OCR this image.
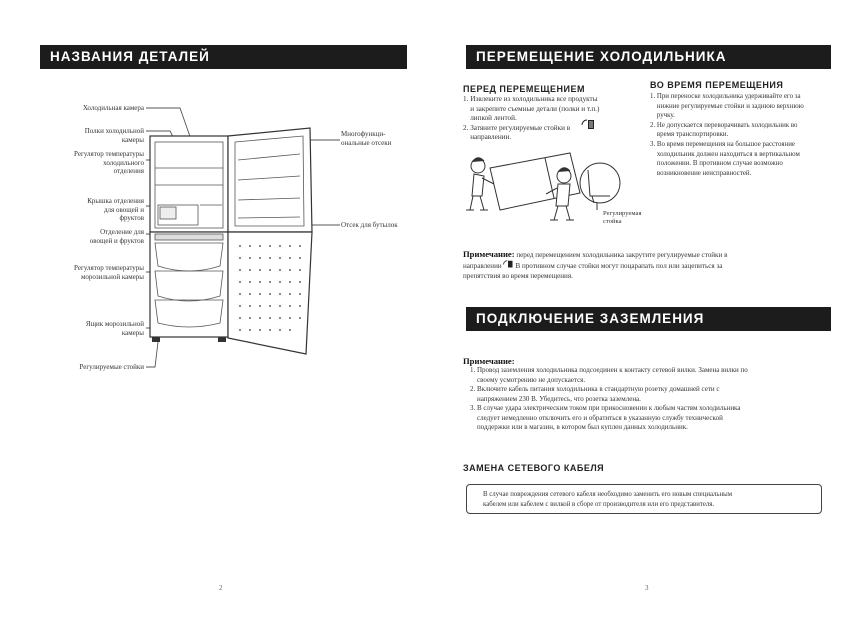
НАЗВАНИЯ ДЕТАЛЕЙ
Холодильная камера
Полки холодильной
камеры
Регулятор температуры
холодильного
отделения
Крышка отделения
для овощей и
фруктов
Отделение для
овощей и фруктов
Регулятор температуры
морозильной камеры
Ящик морозильной
камеры
Регулируемые стойки
Многофункци-
ональные отсеки
Отсек для бутылок
2
ПЕРЕМЕЩЕНИЕ ХОЛОДИЛЬНИКА
ПЕРЕД ПЕРЕМЕЩЕНИЕМ
1. Извлеките из холодильника все продукты
и закрепите съемные детали (полки и т.п.)
липкой лентой.
2. Затяните регулируемые стойки в
направлении.
ВО ВРЕМЯ ПЕРЕМЕЩЕНИЯ
1. При переноске холодильника удерживайте его за
нижние регулируемые стойки и заднюю верхнюю
ручку.
2. Не допускается переворачивать холодильник во
время транспортировки.
3. Во время перемещения на большое расстояние
холодильник должен находиться в вертикальном
положении. В противном случае возможно
возникновение неисправностей.
Регулируемая
стойка
Примечание: перед перемещением холодильника закрутите регулируемые стойки в
направлении В противном случае стойки могут поцарапать пол или зацепиться за
препятствия во время перемещения.
ПОДКЛЮЧЕНИЕ ЗАЗЕМЛЕНИЯ
Примечание:
1. Провод заземления холодильника подсоединен к контакту сетевой вилки. Замена вилки по
своему усмотрению не допускается.
2. Включите кабель питания холодильника в стандартную розетку домашней сети с
напряжением 230 В. Убедитесь, что розетка заземлена.
3. В случае удара электрическим током при прикосновении к любым частям холодильника
следует немедленно отключить его и обратиться в указанную службу технической
поддержки или в магазин, в котором был куплен данных холодильник.
ЗАМЕНА СЕТЕВОГО КАБЕЛЯ
В случае повреждения сетевого кабеля необходимо заменить его новым специальным
кабелем или кабелем с вилкой в сборе от производителя или его представителя.
3
